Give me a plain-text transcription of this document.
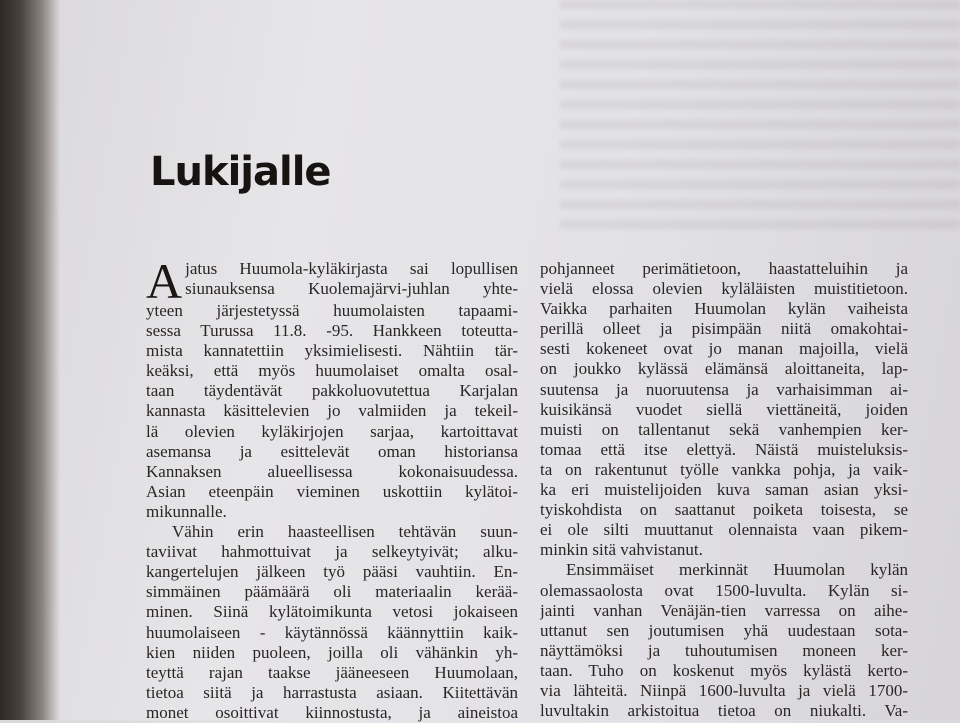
Lukijalle
A jatus Huumola-kyläkirjasta sai lopullisen
siunauksensa Kuolemajärvi-juhlan yhte-
yteen järjestetyssä huumolaisten tapaami-
sessa Turussa 11.8. -95. Hankkeen toteutta-
mista kannatettiin yksimielisesti. Nähtiin tär-
keäksi, että myös huumolaiset omalta osal-
taan täydentävät pakkoluovutettua Karjalan
kannasta käsittelevien jo valmiiden ja tekeil-
lä olevien kyläkirjojen sarjaa, kartoittavat
asemansa ja esittelevät oman historiansa
Kannaksen alueellisessa kokonaisuudessa.
Asian eteenpäin vieminen uskottiin kylätoi-
mikunnalle.
Vähin erin haasteellisen tehtävän suun-
taviivat hahmottuivat ja selkeytyivät; alku-
kangertelujen jälkeen työ pääsi vauhtiin. En-
simmäinen päämäärä oli materiaalin kerää-
minen. Siinä kylätoimikunta vetosi jokaiseen
huumolaiseen - käytännössä käännyttiin kaik-
kien niiden puoleen, joilla oli vähänkin yh-
teyttä rajan taakse jääneeseen Huumolaan,
tietoa siitä ja harrastusta asiaan. Kiitettävän
monet osoittivat kiinnostusta, ja aineistoa
pohjanneet perimätietoon, haastatteluihin ja
vielä elossa olevien kyläläisten muistitietoon.
Vaikka parhaiten Huumolan kylän vaiheista
perillä olleet ja pisimpään niitä omakohtai-
sesti kokeneet ovat jo manan majoilla, vielä
on joukko kylässä elämänsä aloittaneita, lap-
suutensa ja nuoruutensa ja varhaisimman ai-
kuisikänsä vuodet siellä viettäneitä, joiden
muisti on tallentanut sekä vanhempien ker-
tomaa että itse elettyä. Näistä muisteluksis-
ta on rakentunut työlle vankka pohja, ja vaik-
ka eri muistelijoiden kuva saman asian yksi-
tyiskohdista on saattanut poiketa toisesta, se
ei ole silti muuttanut olennaista vaan pikem-
minkin sitä vahvistanut.
Ensimmäiset merkinnät Huumolan kylän
olemassaolosta ovat 1500-luvulta. Kylän si-
jainti vanhan Venäjän-tien varressa on aihe-
uttanut sen joutumisen yhä uudestaan sota-
näyttämöksi ja tuhoutumisen moneen ker-
taan. Tuho on koskenut myös kylästä kerto-
via lähteitä. Niinpä 1600-luvulta ja vielä 1700-
luvultakin arkistoitua tietoa on niukalti. Va-
